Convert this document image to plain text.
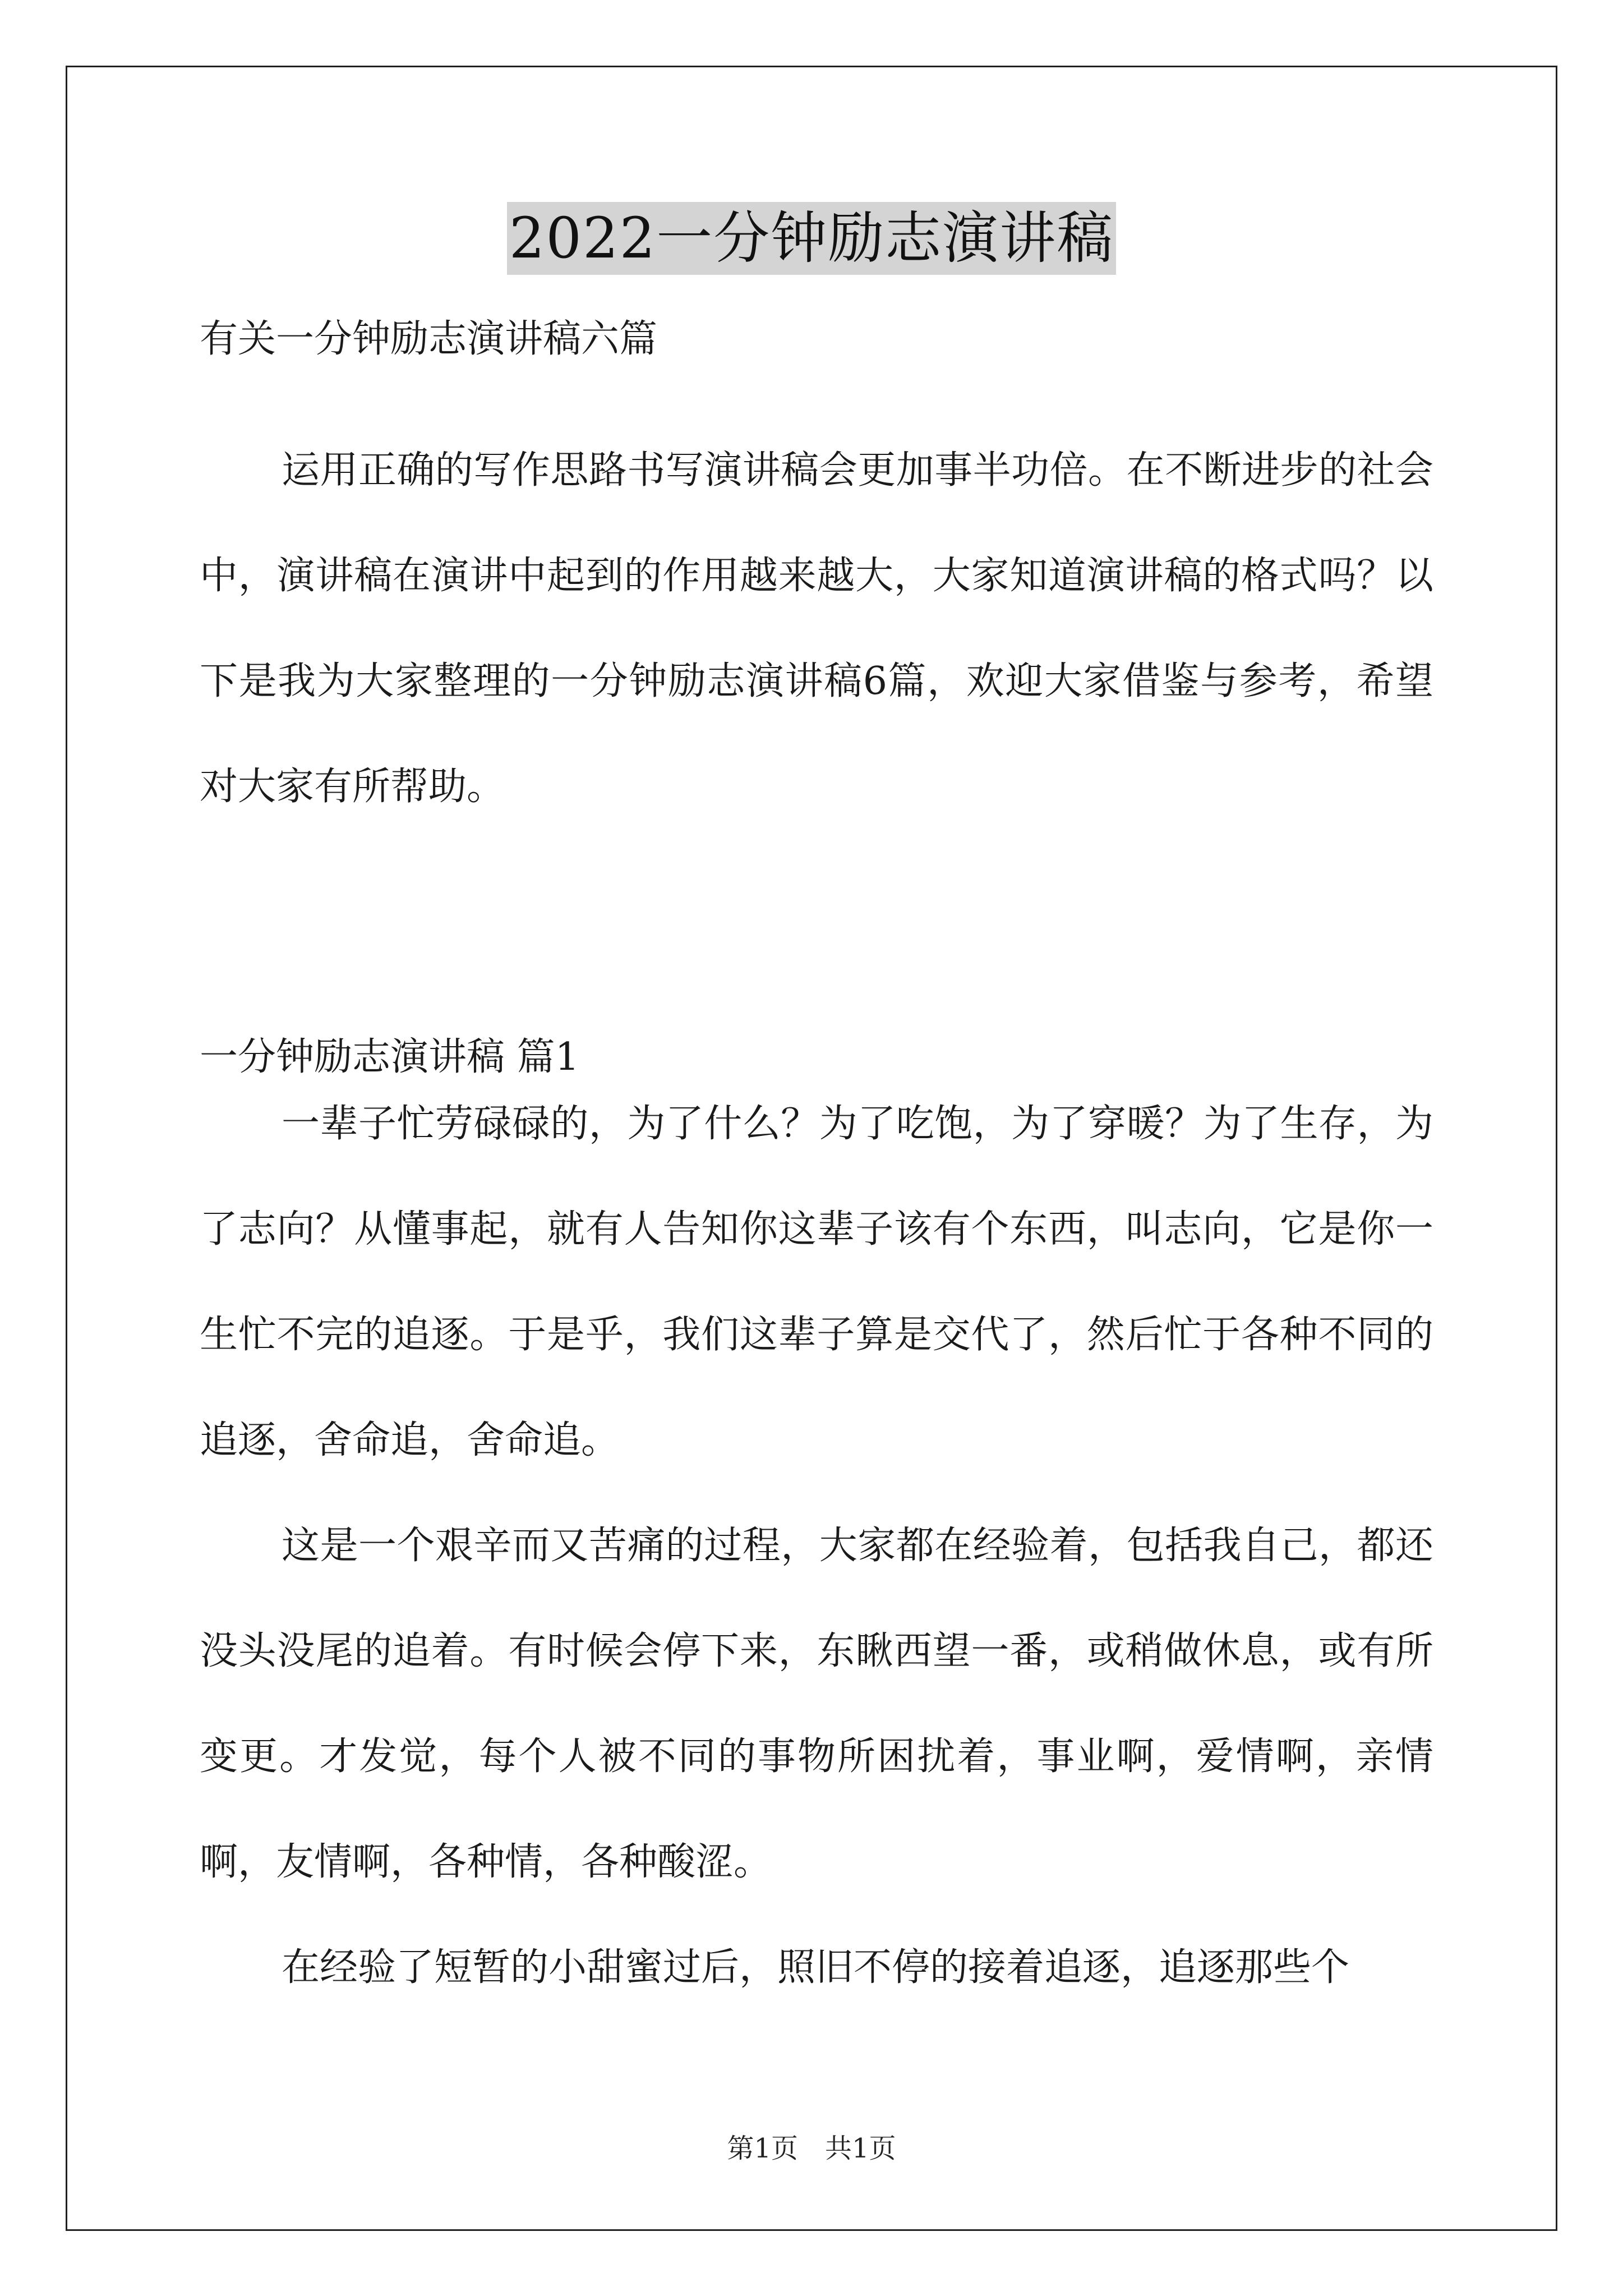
2022一分钟励志演讲稿
有关一分钟励志演讲稿六篇

运用正确的写作思路书写演讲稿会更加事半功倍。在不断进步的社会中，演讲稿在演讲中起到的作用越来越大，大家知道演讲稿的格式吗？以下是我为大家整理的一分钟励志演讲稿6篇，欢迎大家借鉴与参考，希望对大家有所帮助。

一分钟励志演讲稿 篇1

一辈子忙劳碌碌的，为了什么？为了吃饱，为了穿暖？为了生存，为了志向？从懂事起，就有人告知你这辈子该有个东西，叫志向，它是你一生忙不完的追逐。于是乎，我们这辈子算是交代了，然后忙于各种不同的追逐，舍命追，舍命追。

这是一个艰辛而又苦痛的过程，大家都在经验着，包括我自己，都还没头没尾的追着。有时候会停下来，东瞅西望一番，或稍做休息，或有所变更。才发觉，每个人被不同的事物所困扰着，事业啊，爱情啊，亲情啊，友情啊，各种情，各种酸涩。

在经验了短暂的小甜蜜过后，照旧不停的接着追逐，追逐那些个

第1页　共1页
